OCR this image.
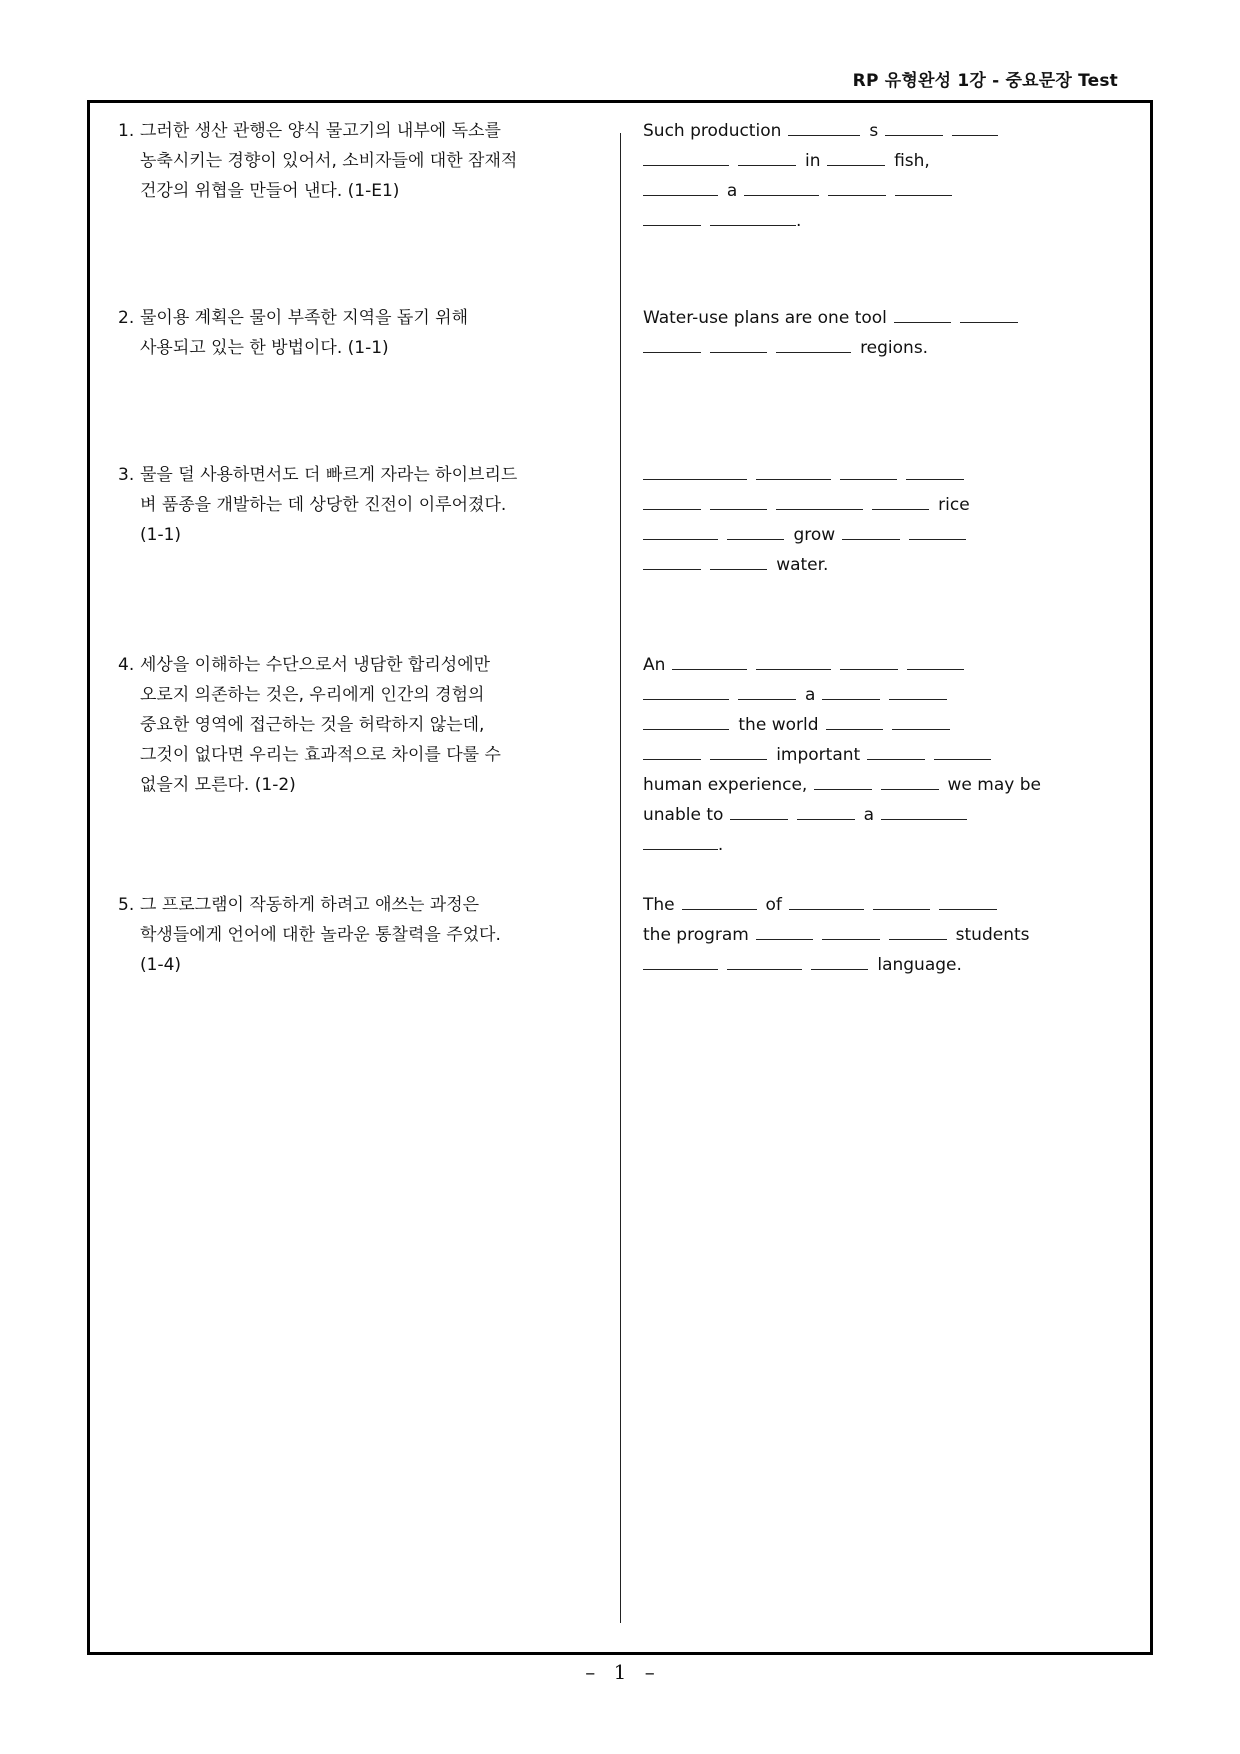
RP 유형완성 1강 - 중요문장 Test
1. 그러한 생산 관행은 양식 물고기의 내부에 독소를
농축시키는 경향이 있어서, 소비자들에 대한 잠재적
건강의 위협을 만들어 낸다. (1-E1)
Such production	s
in	fish,
a
.
2. 물이용 계획은 물이 부족한 지역을 돕기 위해
사용되고 있는 한 방법이다. (1-1)
Water-use plans are one tool
regions.
3. 물을 덜 사용하면서도 더 빠르게 자라는 하이브리드
벼 품종을 개발하는 데 상당한 진전이 이루어졌다.
(1-1)
rice
grow
water.
4. 세상을 이해하는 수단으로서 냉담한 합리성에만
오로지 의존하는 것은, 우리에게 인간의 경험의
중요한 영역에 접근하는 것을 허락하지 않는데,
그것이 없다면 우리는 효과적으로 차이를 다룰 수
없을지 모른다. (1-2)
An
a
the world
important
human experience,	we may be
unable to	a
.
5. 그 프로그램이 작동하게 하려고 애쓰는 과정은
학생들에게 언어에 대한 놀라운 통찰력을 주었다.
(1-4)
The	of
the program	students
language.
– 1 –
